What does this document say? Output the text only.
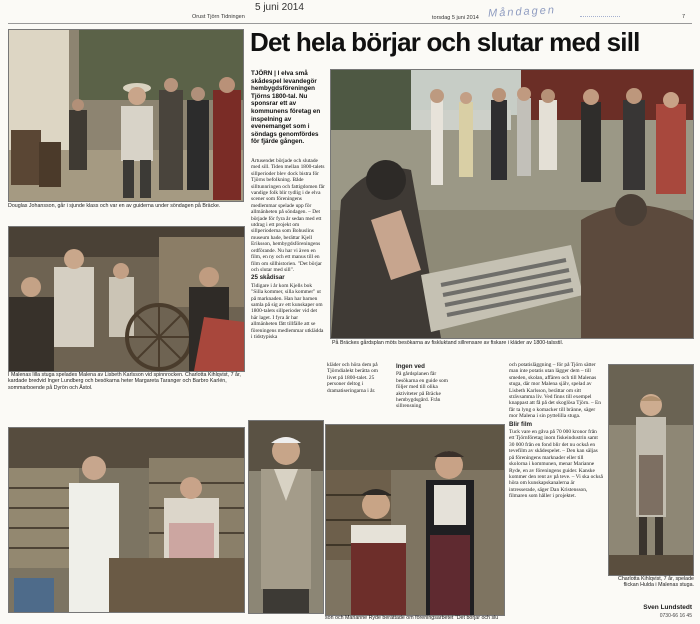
5 juni 2014
Orust Tjörn Tidningen	torsdag 5 juni 2014 Måndagen	7
Det hela börjar och slutar med sill
Douglas Johansson, går i sjunde klass och var en av guiderna under söndagen på Bräcke.
TJÖRN | I elva små skådespel levandegör hembygdsföreningen Tjörns 1800-tal. Nu sponsrar ett av kommunens företag en inspelning av evenemanget som i söndags genomfördes för fjärde gången.
Årtusendet började och slutade med sill. Tiden mellan 1800-talets sillperioder blev dock bistra för Tjörns befolkning. Både silltunnringen och fattigdomen får vandige folk blir tydlig i de elva scener som föreningens medlemmar spelade upp för allmänheten på söndagen. – Det började för fyra år sedan med ett utdrag i ett projekt om sillperioderna som Bohuslins museum hade, berättar Kjell Eriksson, hembygdsföreningens ordförande. Nu har vi även en film, en ny och ett manus till en film om sillhistorien. "Det börjar och slutar med sill".
25 skådisar
Tidigare i år kom Kjells bok "Silla kommer, silla kommer" ut på marknaden. Han har barnen samla på sig av ett kunskaper om 1800-talets sillperioder vid det här laget. I fyra år har allmänheten fått tillfälle att se föreningens medlemmar utklädda i tidstypiska
På Bräckes gårdsplan möts besökarna av fiskluktand sillrensare av fiskare i kläder av 1800-talsstil.
I Malenas lilla stuga spelades Malena av Lisbeth Karlsson vid spinnrocken. Charlotta Kihlqvist, 7 år, kardade bredvid Inger Lundberg och besökarna heter Margareta Taranger och Barbro Karlén, sommarboende på Dyrön och Åstol.
kläder och höra dem på Tjörndialekt berätta om livet på 1800-talet. 25 personer deltog i dramatiseringarna i år.
Ingen ved
På gårdsplanen får besökarna en guide som följer med till olika aktiviteter på Bräcke hembygdsgård. Från sillrensning
son och Marianne Ryde berättade om föreningsarbetet "Det börjar och slu
och potatisläggning – för på Tjörn sätter man inte potatis utan lägger dem – till smeden, skolan, affären och till Malenas stuga, där mor Malena själv, spelad av Lisbeth Karlsson, berättar om sitt strävsamma liv. Ved finns till exempel knappast att få på det skoglösa Tjörn. – En får ta lyng o komacker till bränne, säger mor Malena i sin pyttelilla stuga.
Blir film
Tuck vare en gåva på 70 000 kronor från ett Tjörnföretag inom fiskeindustrin samt 30 000 från en fond blir det nu också en tevefilm av skådespelet. – Den kan säljas på föreningens marknader eller till skolorna i kommunen, menar Marianne Ryde, en av föreningens guider. Kanske kommer den rent av på teve. – Vi ska också höra om kunskapskanalerna är intresserade, säger Dan Kristensson, filmaren som håller i projektet.
Charlotta Kihlqvist, 7 år, spelade flickan Hulda i Malenas stuga.
Sven Lundstedt
0730-66 16 45
